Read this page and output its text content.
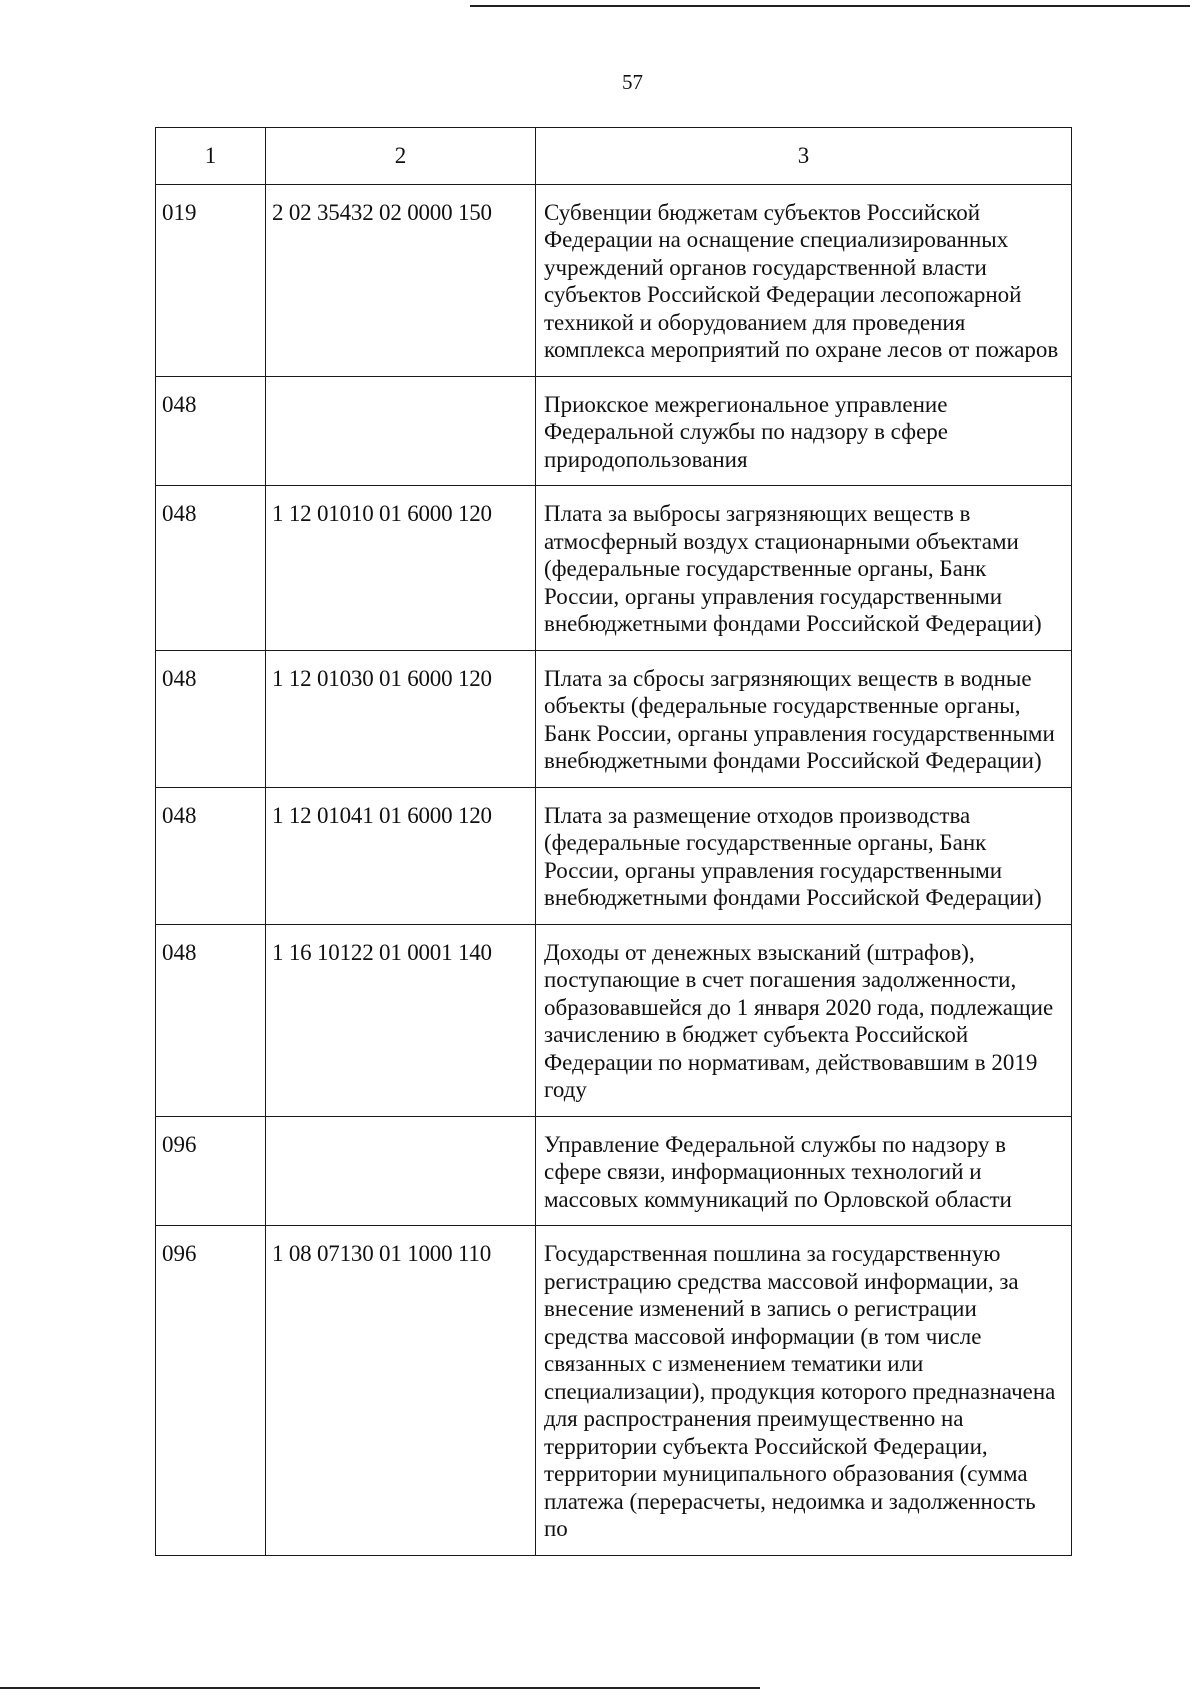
57
1	2	3
019	2 02 35432 02 0000 150	Субвенции бюджетам субъектов Российской Федерации на оснащение специализированных учреждений органов государственной власти субъектов Российской Федерации лесопожарной техникой и оборудованием для проведения комплекса мероприятий по охране лесов от пожаров
048		Приокское межрегиональное управление Федеральной службы по надзору в сфере природопользования
048	1 12 01010 01 6000 120	Плата за выбросы загрязняющих веществ в атмосферный воздух стационарными объектами (федеральные государственные органы, Банк России, органы управления государственными внебюджетными фондами Российской Федерации)
048	1 12 01030 01 6000 120	Плата за сбросы загрязняющих веществ в водные объекты (федеральные государственные органы, Банк России, органы управления государственными внебюджетными фондами Российской Федерации)
048	1 12 01041 01 6000 120	Плата за размещение отходов производства (федеральные государственные органы, Банк России, органы управления государственными внебюджетными фондами Российской Федерации)
048	1 16 10122 01 0001 140	Доходы от денежных взысканий (штрафов), поступающие в счет погашения задолженности, образовавшейся до 1 января 2020 года, подлежащие зачислению в бюджет субъекта Российской Федерации по нормативам, действовавшим в 2019 году
096		Управление Федеральной службы по надзору в сфере связи, информационных технологий и массовых коммуникаций по Орловской области
096	1 08 07130 01 1000 110	Государственная пошлина за государственную регистрацию средства массовой информации, за внесение изменений в запись о регистрации средства массовой информации (в том числе связанных с изменением тематики или специализации), продукция которого предназначена для распространения преимущественно на территории субъекта Российской Федерации, территории муниципального образования (сумма платежа (перерасчеты, недоимка и задолженность по
